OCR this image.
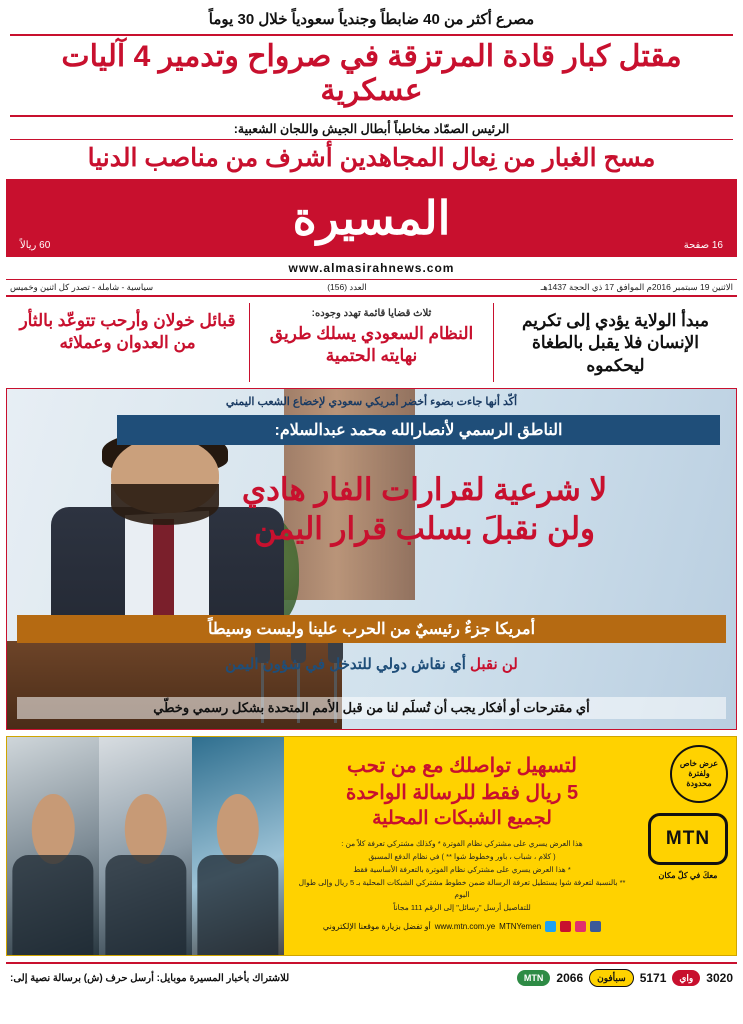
مصرع أكثر من 40 ضابطاً وجندياً سعودياً خلال 30 يوماً
مقتل كبار قادة المرتزقة في صرواح وتدمير 4 آليات عسكرية
الرئيس الصمّاد مخاطباً أبطال الجيش واللجان الشعبية:
مسح الغبار من نِعال المجاهدين أشرف من مناصب الدنيا
16 صفحة
المسيرة
60 ريالاً
www.almasirahnews.com
الاثنين 19 سبتمبر 2016م الموافق 17 ذي الحجة 1437هـ
العدد (156)
سياسية - شاملة - تصدر كل اثنين وخميس
مبدأ الولاية يؤدي إلى تكريم الإنسان فلا يقبل بالطغاة ليحكموه
ثلاث قضايا قائمة تهدد وجوده:
النظام السعودي يسلك طريق نهايته الحتمية
قبائل خولان وأرحب تتوعّد بالثأر من العدوان وعملائه
أكّد أنها جاءت بضوء أخضر أمريكي سعودي لإخضاع الشعب اليمني
الناطق الرسمي لأنصارالله محمد عبدالسلام:
لا شرعية لقرارات الفار هادي
ولن نقبلَ بسلب قرار اليمن
أمريكا جزءٌ رئيسيٌ من الحرب علينا وليست وسيطاً
لن نقبل أي نقاش دولي للتدخل في شؤون اليمن
أي مقترحات أو أفكار يجب أن تُسلَم لنا من قبل الأمم المتحدة بشكل رسمي وخطّي
MTN
معكَ في كلّ مكان
لتسهيل تواصلك مع من تحب
5 ريال فقط للرسالة الواحدة
لجميع الشبكات المحلية
هذا العرض يسري على مشتركي نظام الفوترة * وكذلك مشتركي تعرفة كلاً من :
( كلام ، شباب ، باور وخطوط شوا ** ) في نظام الدفع المسبق
* هذا العرض يسري على مشتركي نظام الفوترة بالتعرفة الأساسية فقط
** بالنسبة لتعرفة شوا يستطيل تعرفة الرسالة ضمن خطوط مشتركي الشبكات المحلية بـ 5 ريال وإلى طوال اليوم
للتفاصيل أرسل "رسائل" إلى الرقم 111 مجاناً
MTNYemen
www.mtn.com.ye
أو تفضل بزيارة موقعنا الإلكتروني
عرض خاص ولفترة محدودة
3020
واي
5171
سبأفون
2066
MTN
للاشتراك بأخبار المسيرة موبايل: أرسل حرف (ش) برسالة نصية إلى:
